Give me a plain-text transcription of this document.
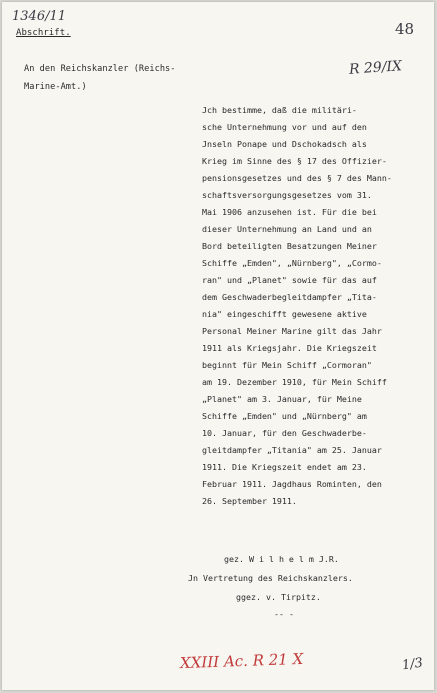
1346/11
Abschrift.	48
An den Reichskanzler (Reichs-
Marine-Amt.)
R 29/IX
Jch bestimme, daß die militäri-
sche Unternehmung vor und auf den
Jnseln Ponape und Dschokadsch als
Krieg im Sinne des § 17 des Offizier-
pensionsgesetzes und des § 7 des Mann-
schaftsversorgungsgesetzes vom 31.
Mai 1906 anzusehen ist. Für die bei
dieser Unternehmung an Land und an
Bord beteiligten Besatzungen Meiner
Schiffe „Emden", „Nürnberg", „Cormo-
ran" und „Planet" sowie für das auf
dem Geschwaderbegleitdampfer „Tita-
nia" eingeschifft gewesene aktive
Personal Meiner Marine gilt das Jahr
1911 als Kriegsjahr. Die Kriegszeit
beginnt für Mein Schiff „Cormoran"
am 19. Dezember 1910, für Mein Schiff
„Planet" am 3. Januar, für Meine
Schiffe „Emden" und „Nürnberg" am
10. Januar, für den Geschwaderbe-
gleitdampfer „Titania" am 25. Januar
1911. Die Kriegszeit endet am 23.
Februar 1911. Jagdhaus Rominten, den
26. September 1911.
gez. W i l h e l m J.R.
Jn Vertretung des Reichskanzlers.
ggez. v. Tirpitz.
-- -
XXIII Ac. R 21 X	1/3
